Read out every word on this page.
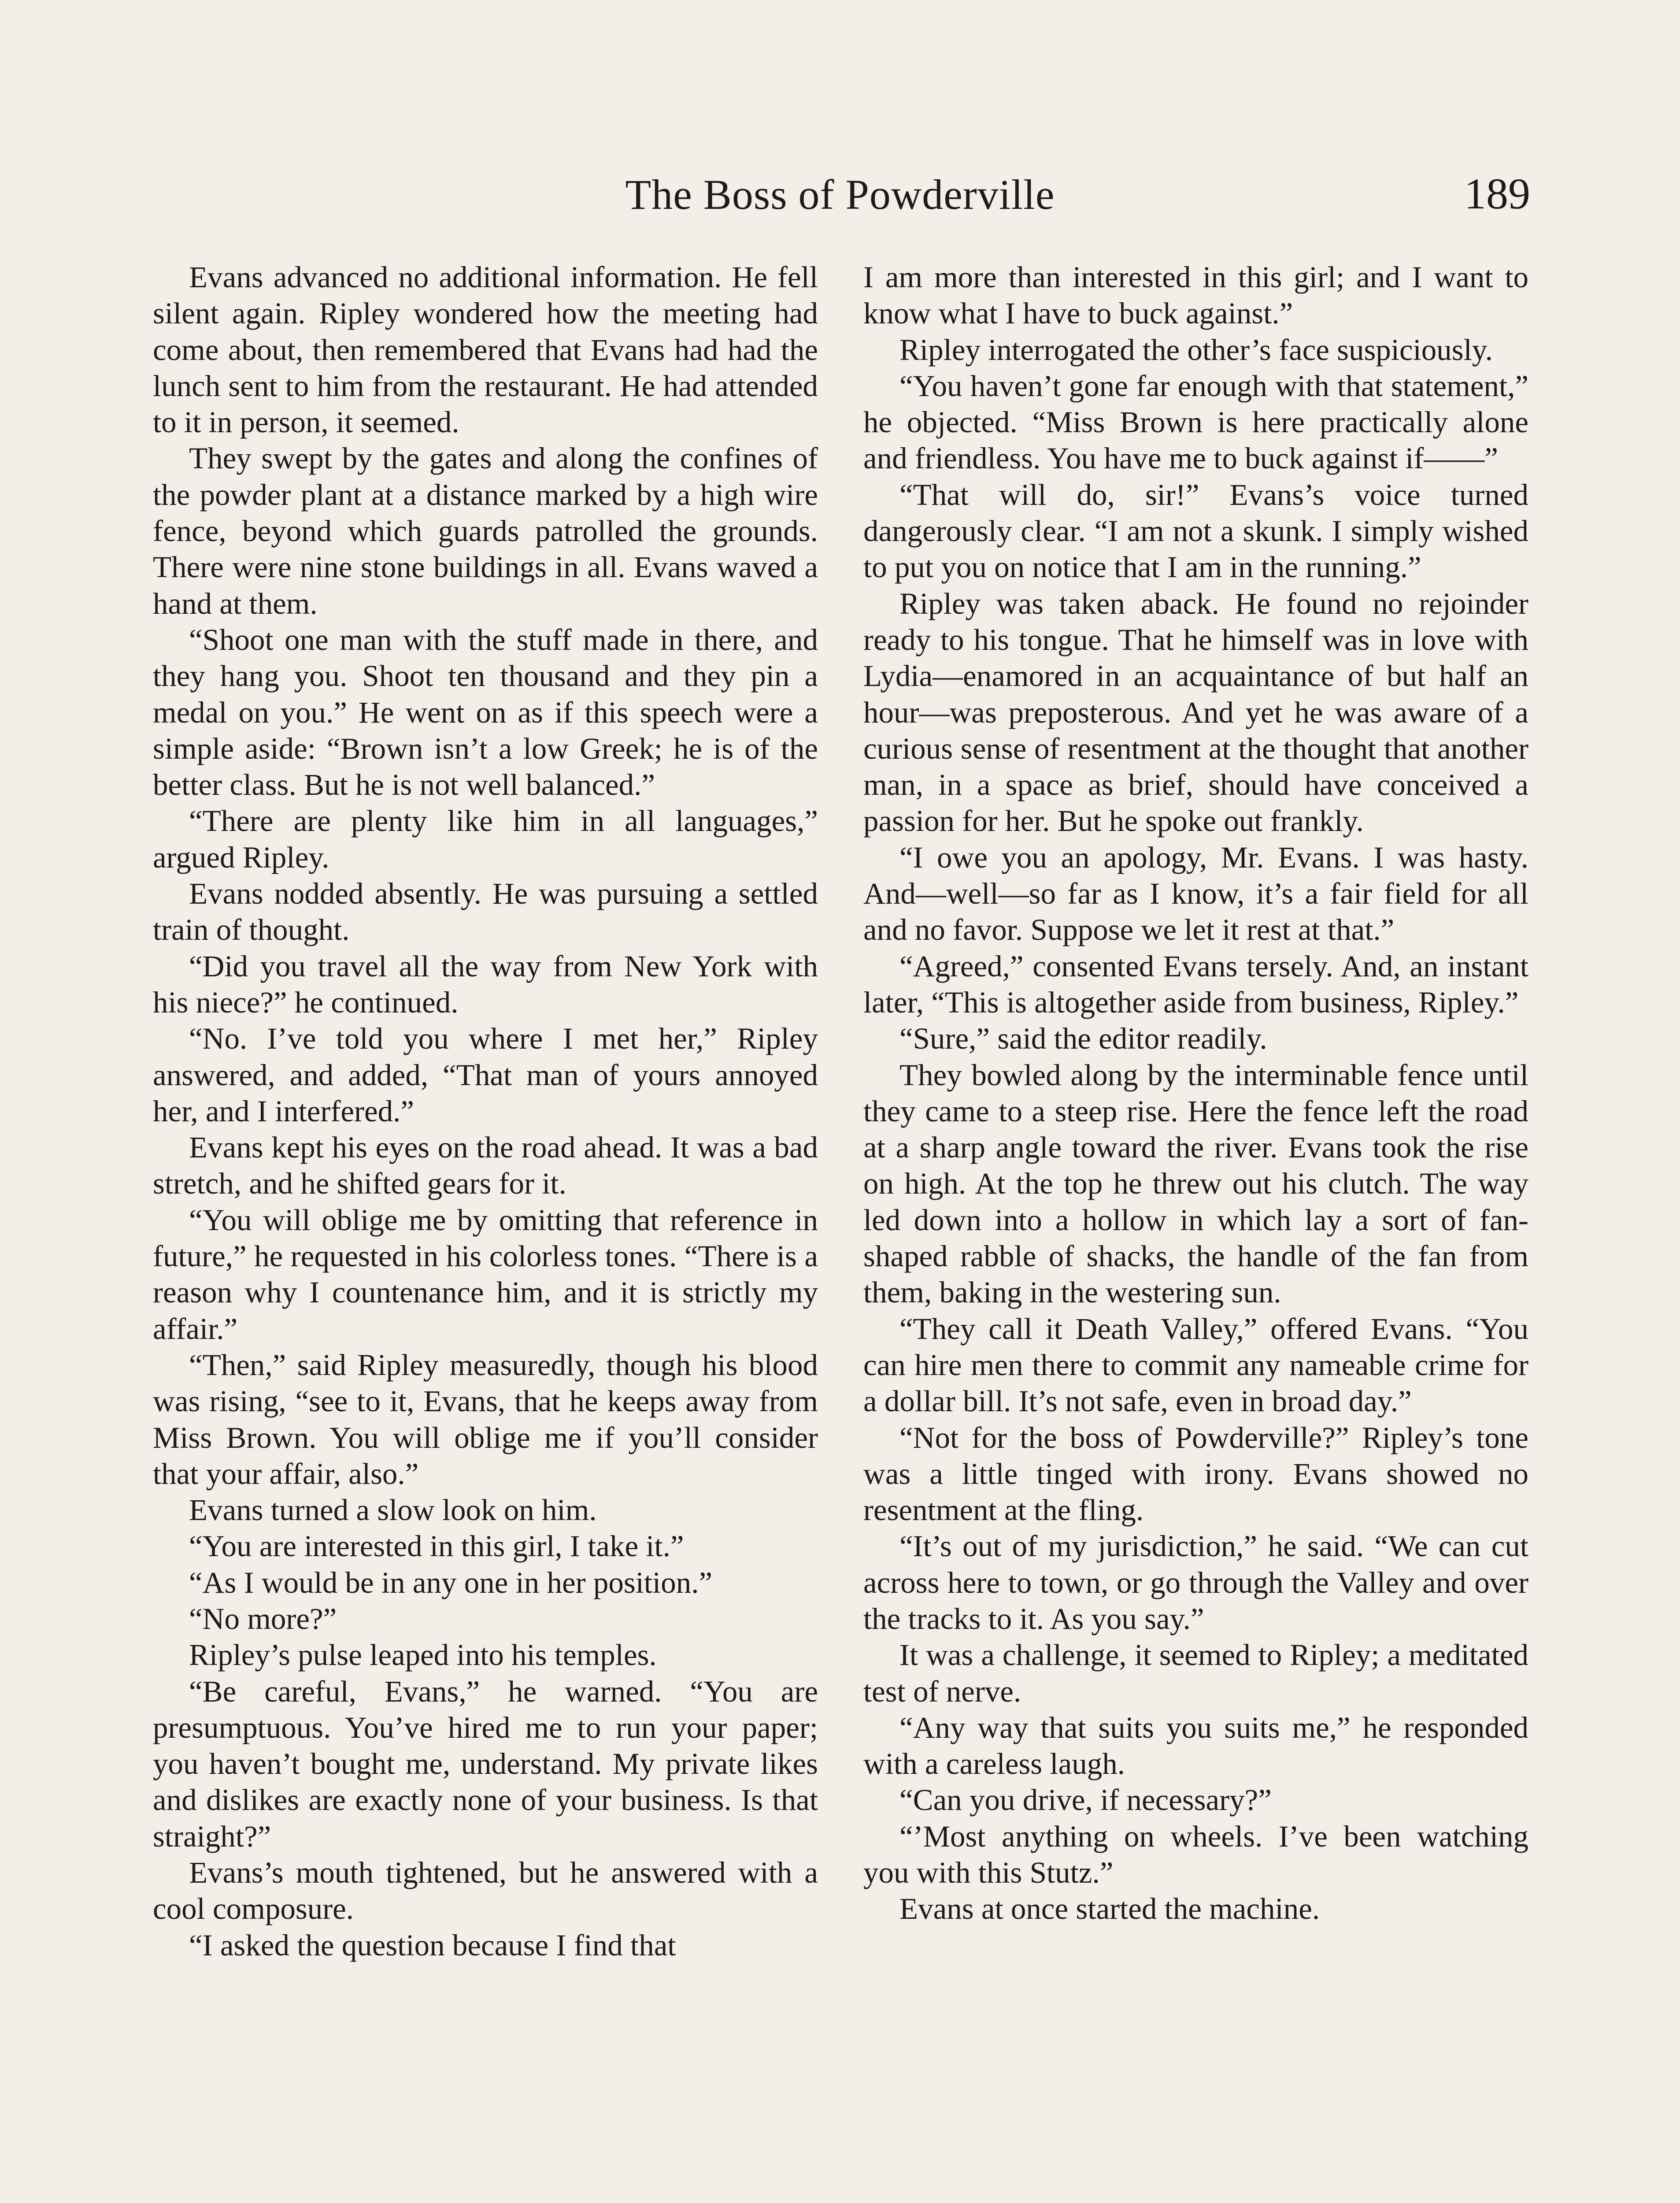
The Boss of Powderville	189

Evans advanced no additional information. He fell silent again. Ripley wondered how the meeting had come about, then remembered that Evans had had the lunch sent to him from the restaurant. He had attended to it in person, it seemed.

They swept by the gates and along the confines of the powder plant at a distance marked by a high wire fence, beyond which guards patrolled the grounds. There were nine stone buildings in all. Evans waved a hand at them.

“Shoot one man with the stuff made in there, and they hang you. Shoot ten thousand and they pin a medal on you.” He went on as if this speech were a simple aside: “Brown isn’t a low Greek; he is of the better class. But he is not well balanced.”

“There are plenty like him in all languages,” argued Ripley.

Evans nodded absently. He was pursuing a settled train of thought.

“Did you travel all the way from New York with his niece?” he continued.

“No. I’ve told you where I met her,” Ripley answered, and added, “That man of yours annoyed her, and I interfered.”

Evans kept his eyes on the road ahead. It was a bad stretch, and he shifted gears for it.

“You will oblige me by omitting that reference in future,” he requested in his colorless tones. “There is a reason why I countenance him, and it is strictly my affair.”

“Then,” said Ripley measuredly, though his blood was rising, “see to it, Evans, that he keeps away from Miss Brown. You will oblige me if you’ll consider that your affair, also.”

Evans turned a slow look on him.

“You are interested in this girl, I take it.”

“As I would be in any one in her position.”

“No more?”

Ripley’s pulse leaped into his temples.

“Be careful, Evans,” he warned. “You are presumptuous. You’ve hired me to run your paper; you haven’t bought me, understand. My private likes and dislikes are exactly none of your business. Is that straight?”

Evans’s mouth tightened, but he answered with a cool composure.

“I asked the question because I find that

I am more than interested in this girl; and I want to know what I have to buck against.”

Ripley interrogated the other’s face suspiciously.

“You haven’t gone far enough with that statement,” he objected. “Miss Brown is here practically alone and friendless. You have me to buck against if——”

“That will do, sir!” Evans’s voice turned dangerously clear. “I am not a skunk. I simply wished to put you on notice that I am in the running.”

Ripley was taken aback. He found no rejoinder ready to his tongue. That he himself was in love with Lydia—enamored in an acquaintance of but half an hour—was preposterous. And yet he was aware of a curious sense of resentment at the thought that another man, in a space as brief, should have conceived a passion for her. But he spoke out frankly.

“I owe you an apology, Mr. Evans. I was hasty. And—well—so far as I know, it’s a fair field for all and no favor. Suppose we let it rest at that.”

“Agreed,” consented Evans tersely. And, an instant later, “This is altogether aside from business, Ripley.”

“Sure,” said the editor readily.

They bowled along by the interminable fence until they came to a steep rise. Here the fence left the road at a sharp angle toward the river. Evans took the rise on high. At the top he threw out his clutch. The way led down into a hollow in which lay a sort of fan-shaped rabble of shacks, the handle of the fan from them, baking in the westering sun.

“They call it Death Valley,” offered Evans. “You can hire men there to commit any nameable crime for a dollar bill. It’s not safe, even in broad day.”

“Not for the boss of Powderville?” Ripley’s tone was a little tinged with irony. Evans showed no resentment at the fling.

“It’s out of my jurisdiction,” he said. “We can cut across here to town, or go through the Valley and over the tracks to it. As you say.”

It was a challenge, it seemed to Ripley; a meditated test of nerve.

“Any way that suits you suits me,” he responded with a careless laugh.

“Can you drive, if necessary?”

“’Most anything on wheels. I’ve been watching you with this Stutz.”

Evans at once started the machine.
